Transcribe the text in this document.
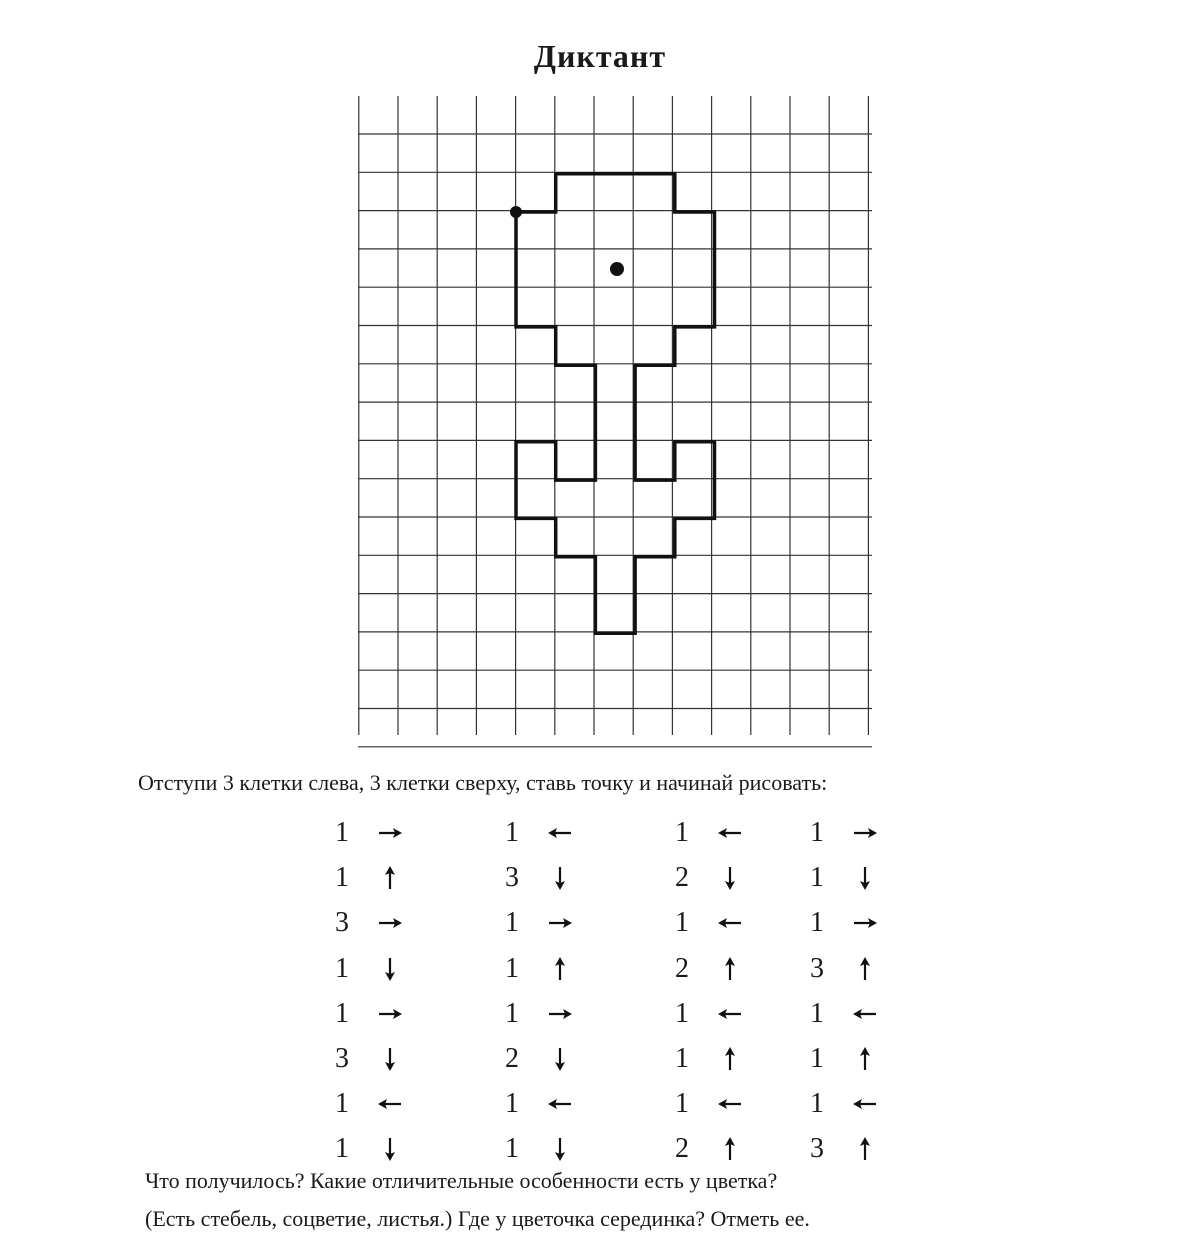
Диктант
Отступи 3 клетки слева, 3 клетки сверху, ставь точку и начинай рисовать:
1
1
3
1
1
3
1
1
1
3
1
1
1
2
1
1
1
2
1
2
1
1
1
2
1
1
1
3
1
1
1
3
Что получилось? Какие отличительные особенности есть у цветка?
(Есть стебель, соцветие, листья.) Где у цветочка серединка? Отметь ее.
